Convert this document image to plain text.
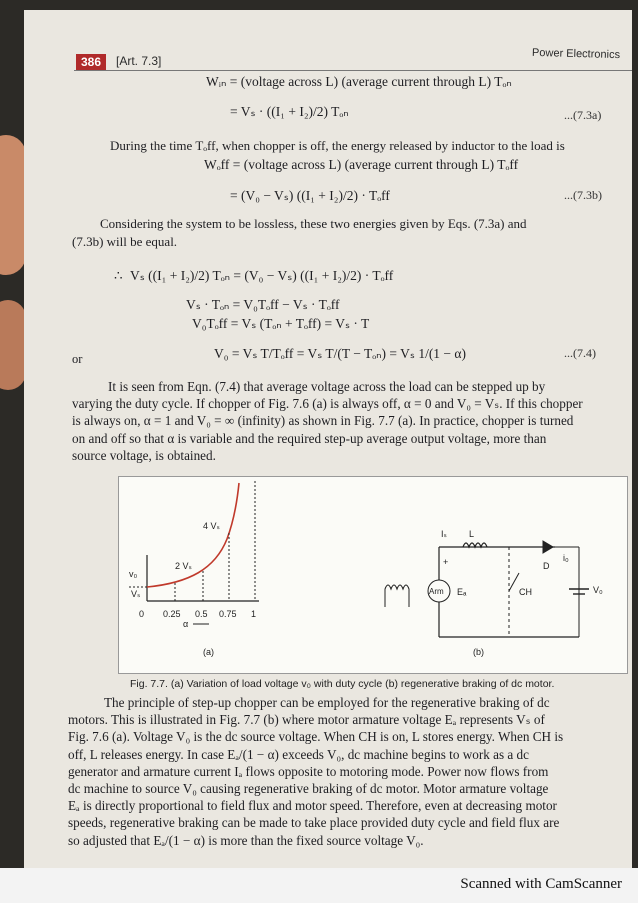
386	[Art. 7.3]	Power Electronics
Wᵢₙ = (voltage across L) (average current through L) Tₒₙ
= Vₛ · ((I₁ + I₂)/2) Tₒₙ	...(7.3a)
During the time Tₒff, when chopper is off, the energy released by inductor to the load is
Wₒff = (voltage across L) (average current through L) Tₒff
= (V₀ − Vₛ) ((I₁ + I₂)/2) · Tₒff	...(7.3b)
Considering the system to be lossless, these two energies given by Eqs. (7.3a) and
(7.3b) will be equal.
∴ Vₛ ((I₁ + I₂)/2) Tₒₙ = (V₀ − Vₛ) ((I₁ + I₂)/2) · Tₒff
Vₛ · Tₒₙ = V₀Tₒff − Vₛ · Tₒff
V₀Tₒff = Vₛ (Tₒₙ + Tₒff) = Vₛ · T
or	V₀ = Vₛ T/Tₒff = Vₛ T/(T − Tₒₙ) = Vₛ 1/(1 − α)	...(7.4)
It is seen from Eqn. (7.4) that average voltage across the load can be stepped up by
varying the duty cycle. If chopper of Fig. 7.6 (a) is always off, α = 0 and V₀ = Vₛ. If this chopper
is always on, α = 1 and V₀ = ∞ (infinity) as shown in Fig. 7.7 (a). In practice, chopper is turned
on and off so that α is variable and the required step-up average output voltage, more than
source voltage, is obtained.
v₀
4 Vₛ
2 Vₛ
Vₛ
0 0.25 0.5 0.75 1
α
(a)
Iₛ L
+	D
i₀
Arm Eₐ	CH	V₀
(b)
Fig. 7.7. (a) Variation of load voltage v₀ with duty cycle (b) regenerative braking of dc motor.
The principle of step-up chopper can be employed for the regenerative braking of dc
motors. This is illustrated in Fig. 7.7 (b) where motor armature voltage Eₐ represents Vₛ of
Fig. 7.6 (a). Voltage V₀ is the dc source voltage. When CH is on, L stores energy. When CH is
off, L releases energy. In case Eₐ/(1 − α) exceeds V₀, dc machine begins to work as a dc
generator and armature current Iₐ flows opposite to motoring mode. Power now flows from
dc machine to source V₀ causing regenerative braking of dc motor. Motor armature voltage
Eₐ is directly proportional to field flux and motor speed. Therefore, even at decreasing motor
speeds, regenerative braking can be made to take place provided duty cycle and field flux are
so adjusted that Eₐ/(1 − α) is more than the fixed source voltage V₀.
Scanned with CamScanner
